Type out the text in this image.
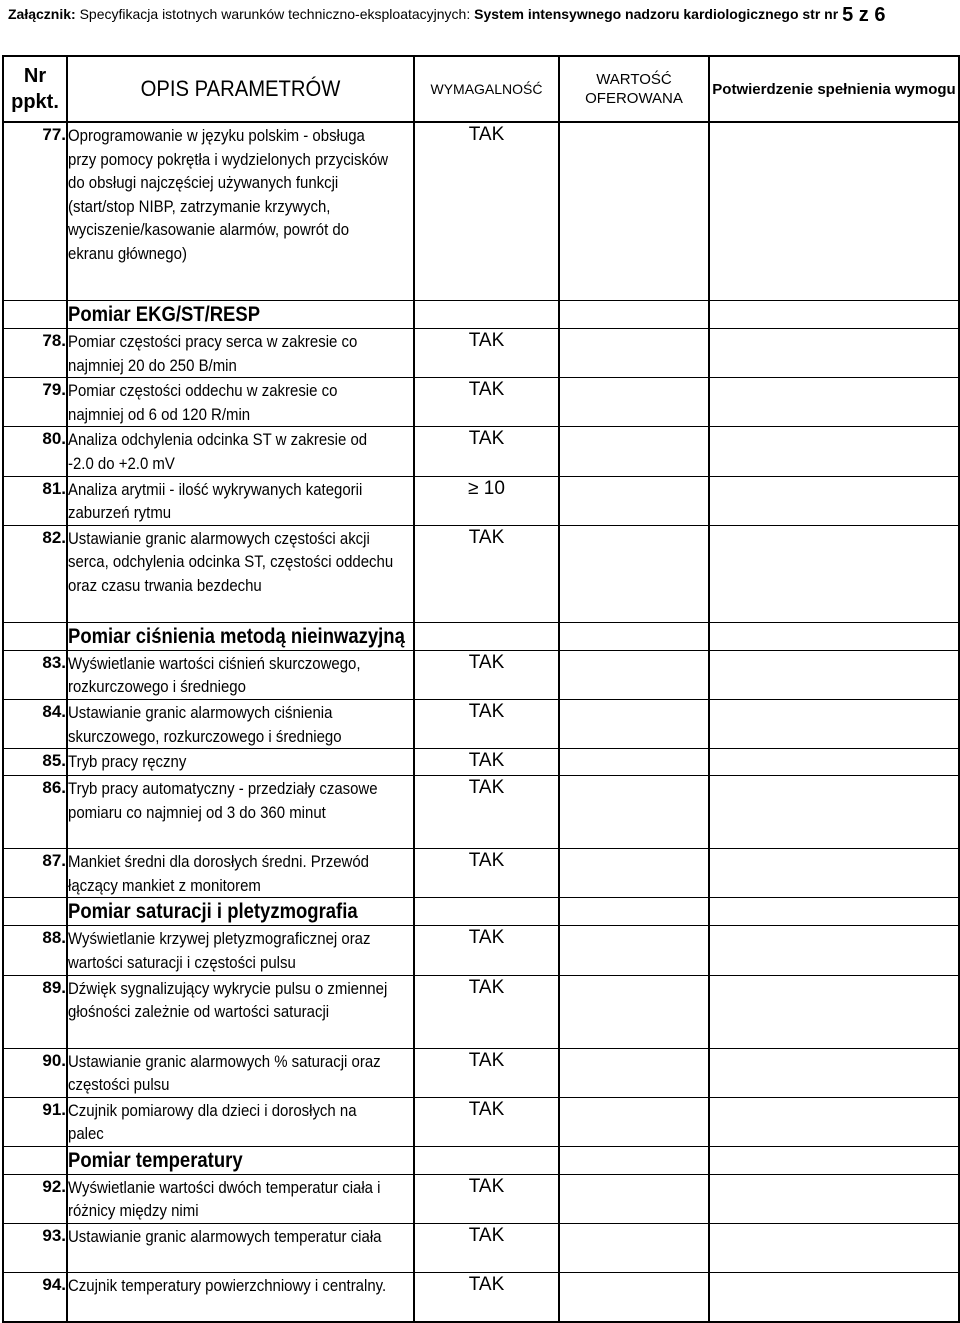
Załącznik: Specyfikacja istotnych warunków techniczno-eksploatacyjnych: System intensywnego nadzoru kardiologicznego str nr 5 z 6
Nr ppkt.	OPIS PARAMETRÓW	WYMAGALNOŚĆ	WARTOŚĆ OFEROWANA	Potwierdzenie spełnienia wymogu

77.	Oprogramowanie w języku polskim - obsługa przy pomocy pokrętła i wydzielonych przycisków do obsługi najczęściej używanych funkcji (start/stop NIBP, zatrzymanie krzywych, wyciszenie/kasowanie alarmów, powrót do ekranu głównego)	TAK		

	Pomiar EKG/ST/RESP			

78.	Pomiar częstości pracy serca w zakresie co najmniej 20 do 250 B/min	TAK		

79.	Pomiar częstości oddechu w zakresie co najmniej od 6 od 120 R/min	TAK		

80.	Analiza odchylenia odcinka ST w zakresie od -2.0 do +2.0 mV	TAK		

81.	Analiza arytmii - ilość wykrywanych kategorii zaburzeń rytmu	≥ 10		

82.	Ustawianie granic alarmowych częstości akcji serca, odchylenia odcinka ST, częstości oddechu oraz czasu trwania bezdechu	TAK		

	Pomiar ciśnienia metodą nieinwazyjną			

83.	Wyświetlanie wartości ciśnień skurczowego, rozkurczowego i średniego	TAK		

84.	Ustawianie granic alarmowych ciśnienia skurczowego, rozkurczowego i średniego	TAK		

85.	Tryb pracy ręczny	TAK		

86.	Tryb pracy automatyczny - przedziały czasowe pomiaru co najmniej od 3 do 360 minut	TAK		

87.	Mankiet średni dla dorosłych średni. Przewód łączący mankiet z monitorem	TAK		

	Pomiar saturacji i pletyzmografia			

88.	Wyświetlanie krzywej pletyzmograficznej oraz wartości saturacji i częstości pulsu	TAK		

89.	Dźwięk sygnalizujący wykrycie pulsu o zmiennej głośności zależnie od wartości saturacji	TAK		

90.	Ustawianie granic alarmowych % saturacji oraz częstości pulsu	TAK		

91.	Czujnik pomiarowy dla dzieci i dorosłych na palec	TAK		

	Pomiar temperatury			

92.	Wyświetlanie wartości dwóch temperatur ciała i różnicy między nimi	TAK		

93.	Ustawianie granic alarmowych temperatur ciała	TAK		

94.	Czujnik temperatury powierzchniowy i centralny.	TAK		
